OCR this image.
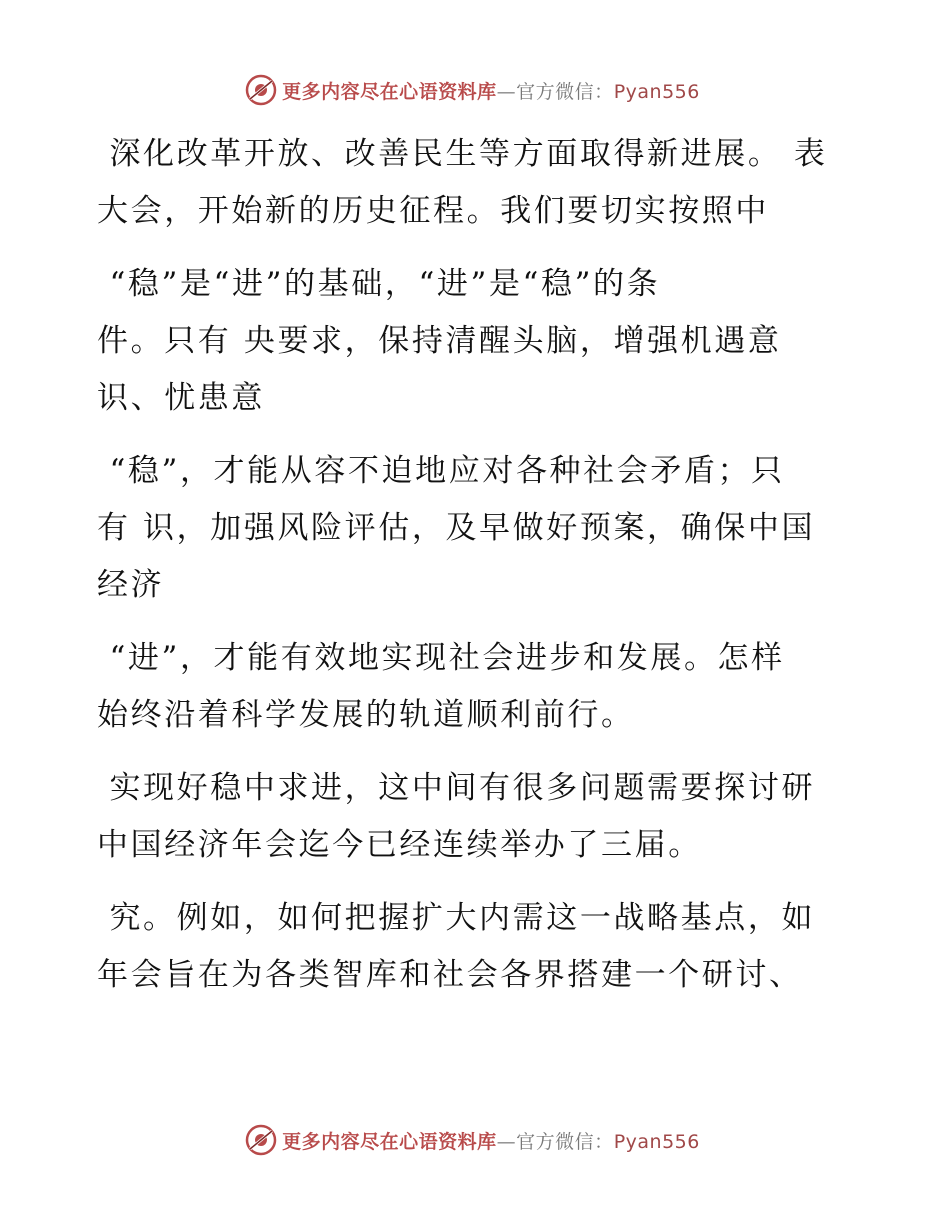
更多内容尽在心语资料库—官方微信：Pyan556
深化改革开放、改善民生等方面取得新进展。 表
大会，开始新的历史征程。我们要切实按照中
“稳”是“进”的基础，“进”是“稳”的条
件。只有 央要求，保持清醒头脑，增强机遇意
识、忧患意
“稳”，才能从容不迫地应对各种社会矛盾；只
有 识，加强风险评估，及早做好预案，确保中国
经济
“进”，才能有效地实现社会进步和发展。怎样
始终沿着科学发展的轨道顺利前行。
实现好稳中求进，这中间有很多问题需要探讨研
中国经济年会迄今已经连续举办了三届。
究。例如，如何把握扩大内需这一战略基点，如
年会旨在为各类智库和社会各界搭建一个研讨、
更多内容尽在心语资料库—官方微信：Pyan556
